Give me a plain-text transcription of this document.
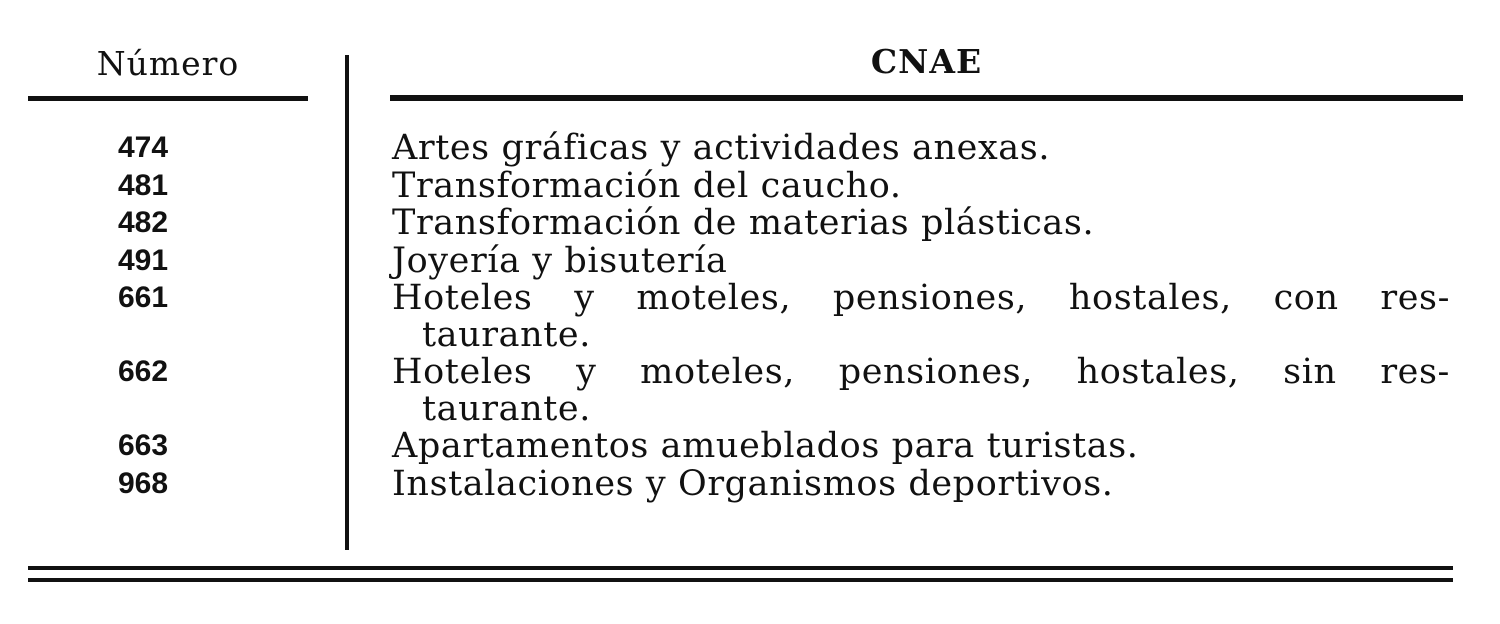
Número	CNAE
474	Artes gráficas y actividades anexas.
481	Transformación del caucho.
482	Transformación de materias plásticas.
491	Joyería y bisutería
661	Hoteles y moteles, pensiones, hostales, con res-
taurante.
662	Hoteles y moteles, pensiones, hostales, sin res-
taurante.
663	Apartamentos amueblados para turistas.
968	Instalaciones y Organismos deportivos.
